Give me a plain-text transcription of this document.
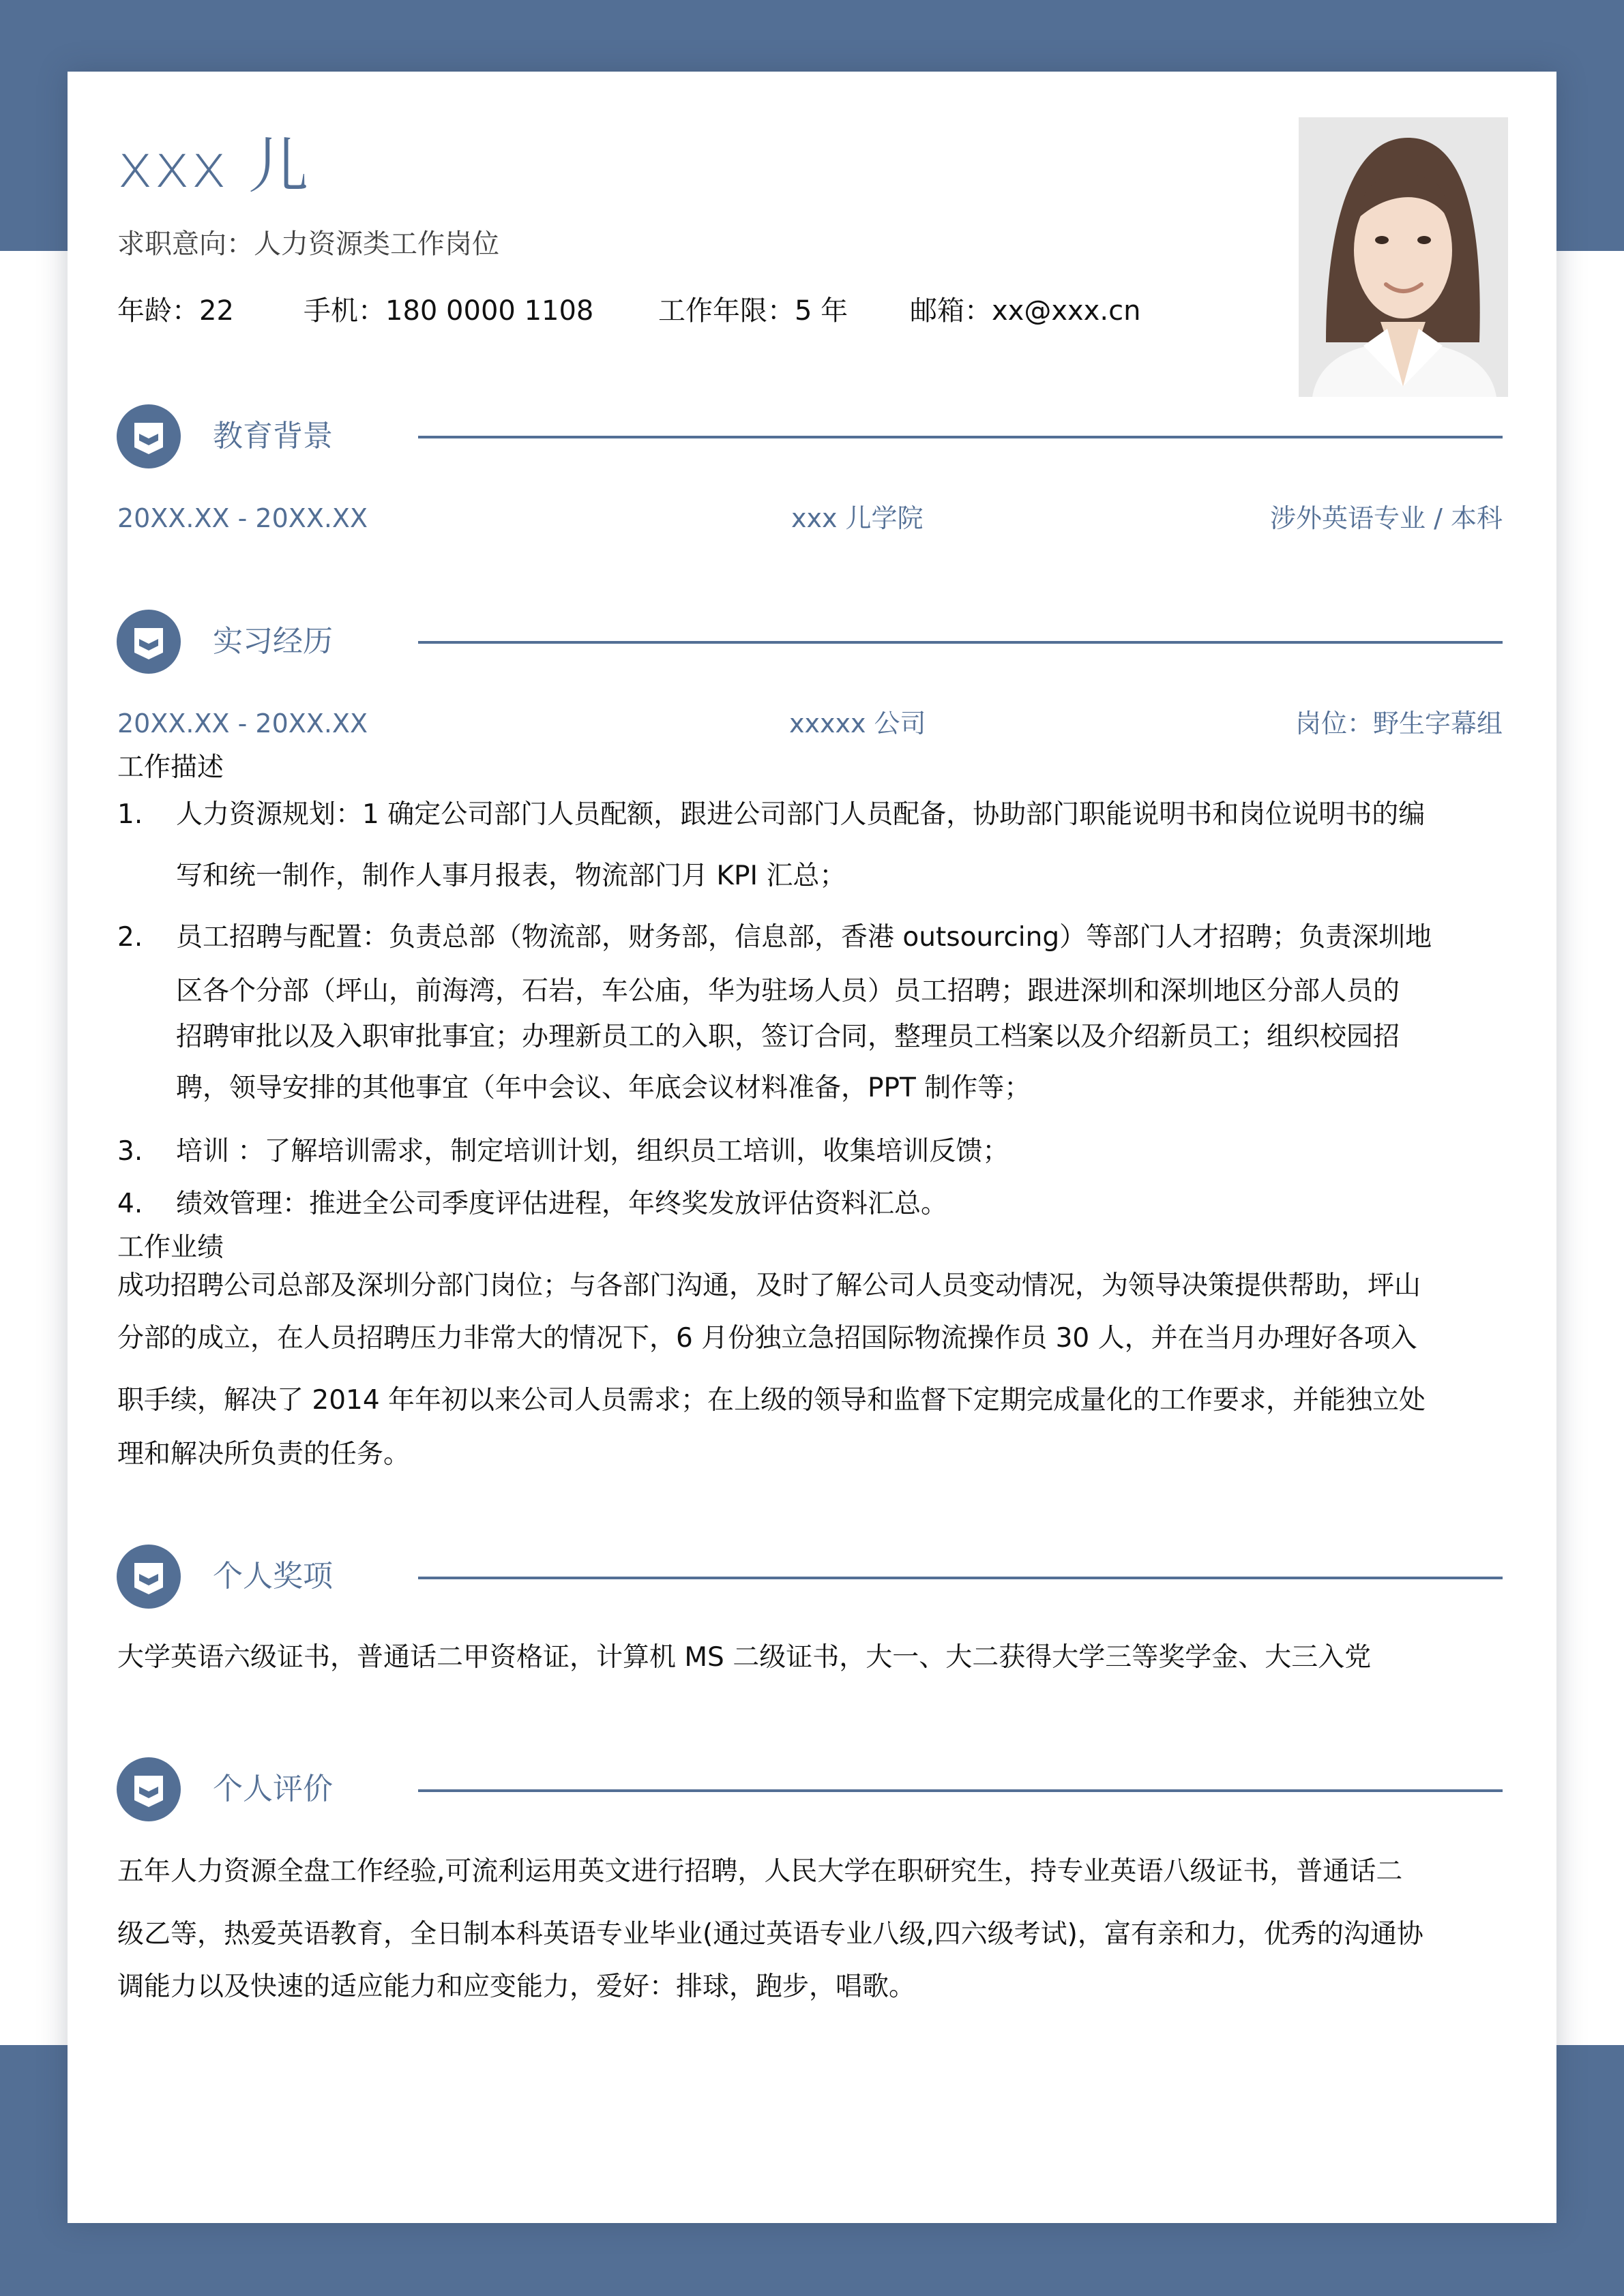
xxx 儿
求职意向：人力资源类工作岗位
年龄：22	手机：180 0000 1108 工作年限：5 年 邮箱：xx@xxx.cn
教育背景
20XX.XX - 20XX.XX	xxx 儿学院	涉外英语专业 / 本科
实习经历
20XX.XX - 20XX.XX	xxxxx 公司	岗位：野生字幕组
工作描述
1. 人力资源规划：1 确定公司部门人员配额，跟进公司部门人员配备，协助部门职能说明书和岗位说明书的编
写和统一制作，制作人事月报表，物流部门月 KPI 汇总；
2. 员工招聘与配置：负责总部（物流部，财务部，信息部，香港 outsourcing）等部门人才招聘；负责深圳地
区各个分部（坪山，前海湾，石岩，车公庙，华为驻场人员）员工招聘；跟进深圳和深圳地区分部人员的
招聘审批以及入职审批事宜；办理新员工的入职，签订合同，整理员工档案以及介绍新员工；组织校园招
聘，领导安排的其他事宜（年中会议、年底会议材料准备，PPT 制作等；
3. 培训 ：了解培训需求，制定培训计划，组织员工培训，收集培训反馈；
4. 绩效管理：推进全公司季度评估进程，年终奖发放评估资料汇总。
工作业绩
成功招聘公司总部及深圳分部门岗位；与各部门沟通，及时了解公司人员变动情况，为领导决策提供帮助，坪山
分部的成立，在人员招聘压力非常大的情况下，6 月份独立急招国际物流操作员 30 人，并在当月办理好各项入
职手续，解决了 2014 年年初以来公司人员需求；在上级的领导和监督下定期完成量化的工作要求，并能独立处
理和解决所负责的任务。
个人奖项
大学英语六级证书，普通话二甲资格证，计算机 MS 二级证书，大一、大二获得大学三等奖学金、大三入党
个人评价
五年人力资源全盘工作经验,可流利运用英文进行招聘，人民大学在职研究生，持专业英语八级证书，普通话二
级乙等，热爱英语教育，全日制本科英语专业毕业(通过英语专业八级,四六级考试)，富有亲和力，优秀的沟通协
调能力以及快速的适应能力和应变能力，爱好：排球，跑步，唱歌。
